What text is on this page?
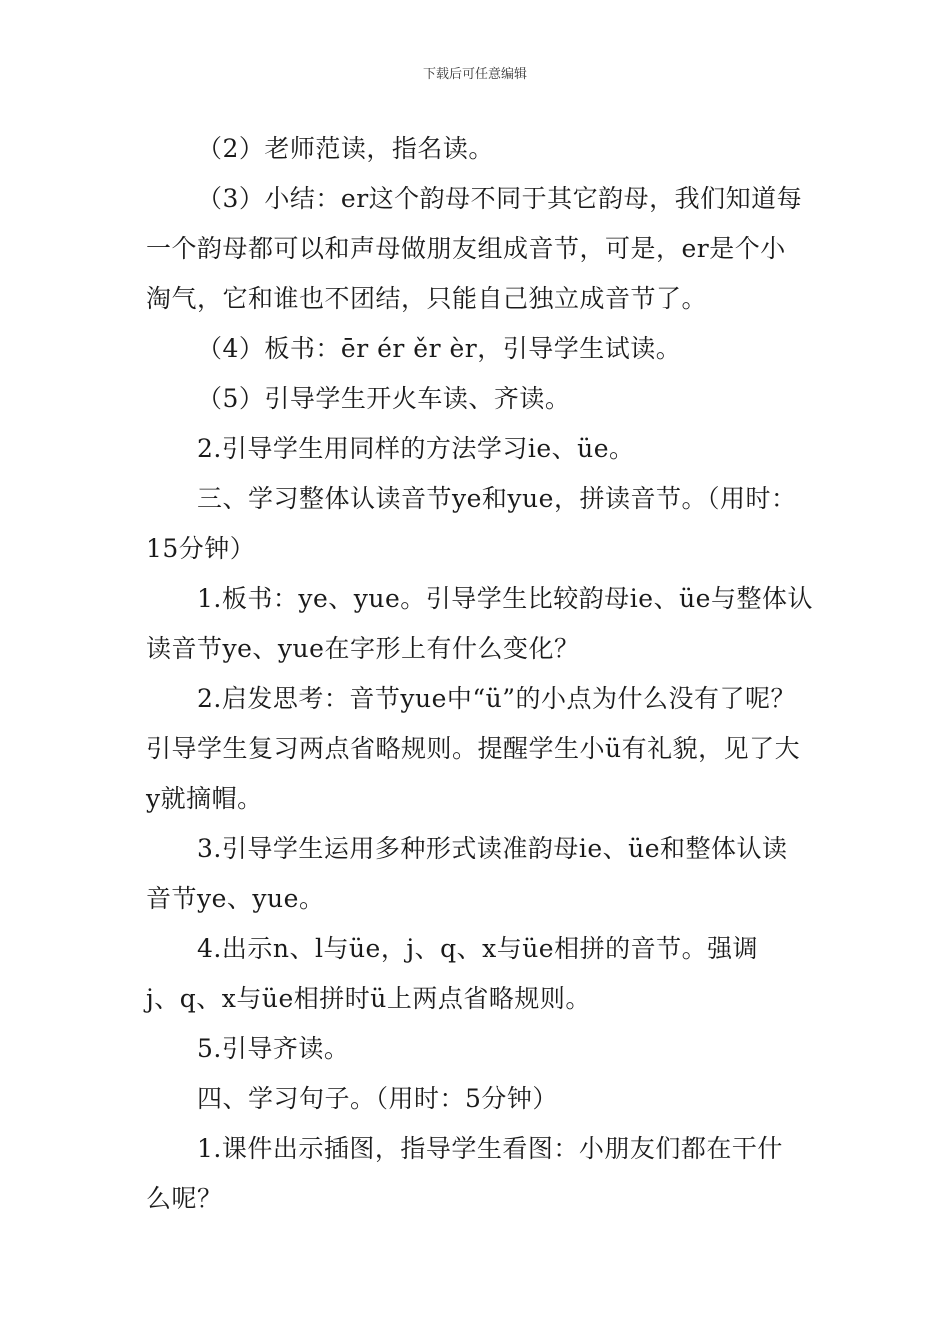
下载后可任意编辑
（2）老师范读，指名读。
（3）小结：er这个韵母不同于其它韵母，我们知道每
一个韵母都可以和声母做朋友组成音节，可是，er是个小
淘气，它和谁也不团结，只能自己独立成音节了。
（4）板书：ēr ér ěr èr，引导学生试读。
（5）引导学生开火车读、齐读。
2.引导学生用同样的方法学习ie、üe。
三、学习整体认读音节ye和yue，拼读音节。（用时：
15分钟）
1.板书：ye、yue。引导学生比较韵母ie、üe与整体认
读音节ye、yue在字形上有什么变化？
2.启发思考：音节yue中“ü”的小点为什么没有了呢？
引导学生复习两点省略规则。提醒学生小ü有礼貌，见了大
y就摘帽。
3.引导学生运用多种形式读准韵母ie、üe和整体认读
音节ye、yue。
4.出示n、l与üe，j、q、x与üe相拼的音节。强调
j、q、x与üe相拼时ü上两点省略规则。
5.引导齐读。
四、学习句子。（用时：5分钟）
1.课件出示插图，指导学生看图：小朋友们都在干什
么呢？
